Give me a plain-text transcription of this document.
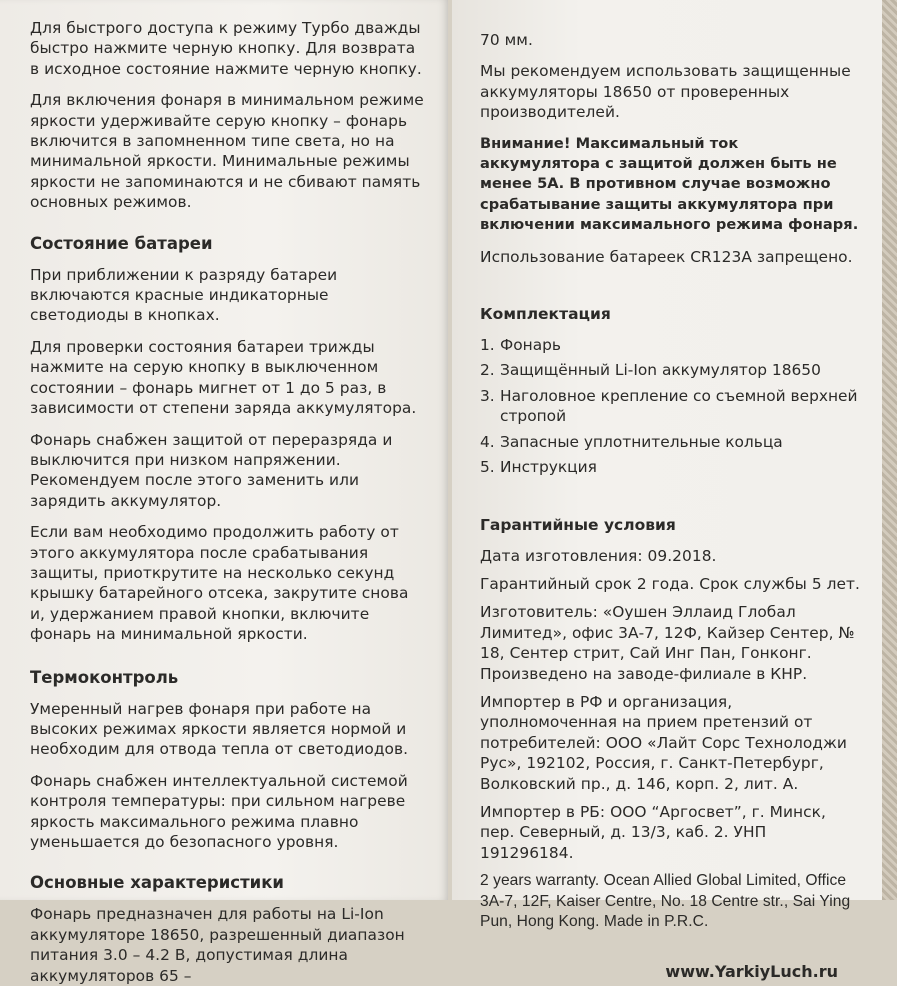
Для быстрого доступа к режиму Турбо дважды быстро нажмите черную кнопку. Для возврата в исходное состояние нажмите черную кнопку.

Для включения фонаря в минимальном режиме яркости удерживайте серую кнопку – фонарь включится в запомненном типе света, но на минимальной яркости. Минимальные режимы яркости не запоминаются и не сбивают память основных режимов.

Состояние батареи

При приближении к разряду батареи включаются красные индикаторные светодиоды в кнопках.

Для проверки состояния батареи трижды нажмите на серую кнопку в выключенном состоянии – фонарь мигнет от 1 до 5 раз, в зависимости от степени заряда аккумулятора.

Фонарь снабжен защитой от переразряда и выключится при низком напряжении. Рекомендуем после этого заменить или зарядить аккумулятор.

Если вам необходимо продолжить работу от этого аккумулятора после срабатывания защиты, приоткрутите на несколько секунд крышку батарейного отсека, закрутите снова и, удержанием правой кнопки, включите фонарь на минимальной яркости.

Термоконтроль

Умеренный нагрев фонаря при работе на высоких режимах яркости является нормой и необходим для отвода тепла от светодиодов.

Фонарь снабжен интеллектуальной системой контроля температуры: при сильном нагреве яркость максимального режима плавно уменьшается до безопасного уровня.

Основные характеристики

Фонарь предназначен для работы на Li-Ion аккумуляторе 18650, разрешенный диапазон питания 3.0 – 4.2 В, допустимая длина аккумуляторов 65 –

70 мм.

Мы рекомендуем использовать защищенные аккумуляторы 18650 от проверенных производителей.

Внимание! Максимальный ток аккумулятора с защитой должен быть не менее 5А. В противном случае возможно срабатывание защиты аккумулятора при включении максимального режима фонаря.

Использование батареек CR123A запрещено.

Комплектация
1. Фонарь
2. Защищённый Li-Ion аккумулятор 18650
3. Наголовное крепление со съемной верхней стропой
4. Запасные уплотнительные кольца
5. Инструкция
Гарантийные условия

Дата изготовления: 09.2018.

Гарантийный срок 2 года. Срок службы 5 лет.

Изготовитель: «Оушен Эллаид Глобал Лимитед», офис 3А-7, 12Ф, Кайзер Сентер, № 18, Сентер стрит, Сай Инг Пан, Гонконг. Произведено на заводе-филиале в КНР.

Импортер в РФ и организация, уполномоченная на прием претензий от потребителей: ООО «Лайт Сорс Технолоджи Рус», 192102, Россия, г. Санкт-Петербург, Волковский пр., д. 146, корп. 2, лит. А.

Импортер в РБ: ООО “Аргосвет”, г. Минск, пер. Северный, д. 13/3, каб. 2. УНП 191296184.

2 years warranty. Ocean Allied Global Limited, Office 3A-7, 12F, Kaiser Centre, No. 18 Centre str., Sai Ying Pun, Hong Kong. Made in P.R.C.

www.YarkiyLuch.ru
